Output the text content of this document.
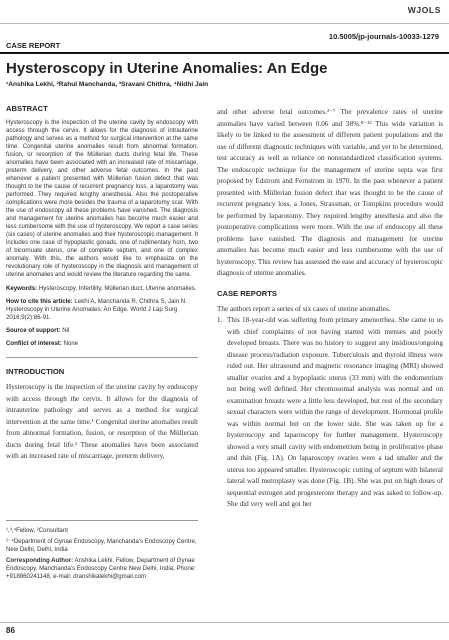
WJOLS
10.5005/jp-journals-10033-1279
CASE REPORT
Hysteroscopy in Uterine Anomalies: An Edge
¹Anshika Lekhi, ²Rahul Manchanda, ³Sravani Chithra, ⁴Nidhi Jain
ABSTRACT

Hysteroscopy is the inspection of the uterine cavity by endoscopy with access through the cervix. It allows for the diagnosis of intrauterine pathology and serves as a method for surgical intervention at the same time. Congenital uterine anomalies result from abnormal formation, fusion, or resorption of the Müllerian ducts during fetal life. These anomalies have been associated with an increased rate of miscarriage, preterm delivery, and other adverse fetal outcomes. In the past whenever a patient presented with Müllerian fusion defect that was thought to be the cause of recurrent pregnancy loss, a laparotomy was performed. They required lengthy anesthesia. Also the postoperative complications were more besides the trauma of a laparotomy scar. With the use of endoscopy all these problems have vanished. The diagnosis and management for uterine anomalies has become much easier and less cumbersome with the use of hysteroscopy. We report a case series (six cases) of uterine anomalies and their hysteroscopic management. It includes one case of hypoplastic gonads, one of rudimentary horn, two of bicornuate uterus, one of complete septum, and one of complex anomaly. With this, the authors would like to emphasize on the revolutionary role of hysteroscopy in the diagnosis and management of uterine anomalies and would review the literature regarding the same.

Keywords: Hysteroscopy, Infertility, Müllerian duct, Uterine anomalies.

How to cite this article: Lekhi A, Manchanda R, Chithra S, Jain N. Hysteroscopy in Uterine Anomalies: An Edge. World J Lap Surg 2016;9(2):86-91.

Source of support: Nil

Conflict of interest: None

INTRODUCTION

Hysteroscopy is the inspection of the uterine cavity by endoscopy with access through the cervix. It allows for the diagnosis of intrauterine pathology and serves as a method for surgical intervention at the same time.¹ Congenital uterine anomalies result from abnormal formation, fusion, or resorption of the Müllerian ducts during fetal life.² These anomalies have been associated with an increased rate of miscarriage, preterm delivery,

¹,³,⁴Fellow, ²Consultant

¹⁻⁴Department of Gynae Endoscopy, Manchanda’s Endoscopy Centre, New Delhi, Delhi, India

Corresponding Author: Anshika Lekhi, Fellow, Department of Gynae Endoscopy, Manchanda’s Endoscopy Centre New Delhi, India, Phone: +918860241148, e-mail: dranshikalekhi@gmail.com

and other adverse fetal outcomes.²⁻⁷ The prevalence rates of uterine anomalies have varied between 0.06 and 38%.⁸⁻¹⁵ This wide variation is likely to be linked to the assessment of different patient populations and the use of different diagnostic techniques with variable, and yet to be determined, test accuracy as well as reliance on nonstandardized classification systems. The endoscopic technique for the management of uterine septa was first proposed by Edstrom and Fernstrom in 1970. In the past whenever a patient presented with Müllerian fusion defect that was thought to be the cause of recurrent pregnancy loss, a Jones, Strassman, or Tompkins procedure would be performed by laparotomy. They required lengthy anesthesia and also the postoperative complications were more. With the use of endoscopy all these problems have vanished. The diagnosis and management for uterine anomalies has become much easier and less cumbersome with the use of hysteroscopy. This review has assessed the ease and accuracy of hysteroscopic diagnosis of uterine anomalies.

CASE REPORTS

The authors report a series of six cases of uterine anomalies.

1. This 18-year-old was suffering from primary amenorrhea. She came to us with chief complaints of not having started with menses and poorly developed breasts. There was no history to suggest any insidious/ongoing disease process/radiation exposure. Tuberculosis and thyroid illness were ruled out. Her ultrasound and magnetic resonance imaging (MRI) showed smaller ovaries and a hypoplastic uterus (33 mm) with the endometrium not being well defined. Her chromosomal analysis was normal and on examination breasts were a little less developed, but rest of the secondary sexual characters were within the range of development. Hormonal profile was within normal but on the lower side. She was taken up for a hysteroscopy and laparoscopy for further management. Hysteroscopy showed a very small cavity with endometrium being in proliferative phase and thin (Fig. 1A). On laparoscopy ovaries were a tad smaller and the uterus too appeared smaller. Hysteroscopic cutting of septum with bilateral lateral wall metroplasty was done (Fig. 1B). She was put on high doses of sequential estrogen and progesterone therapy and was asked to follow-up. She did very well and got her

86
